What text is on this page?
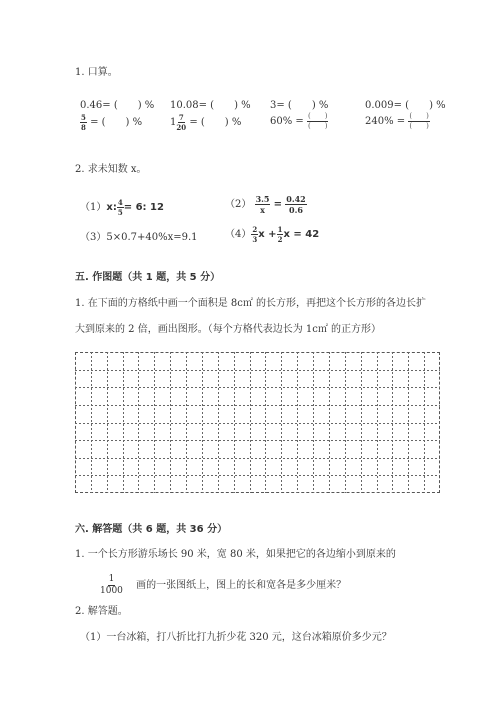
1. 口算。
0.46= (　　) % 10.08= (　　) % 3= (　　) %	0.009= (　　) %
$\frac{5}{8}$ = (　　) %	$1 \frac{7}{20}$ = (　　) %	$60\% = \frac{( )}{( )}$	$240\% = \frac{( )}{( )}$
2. 求未知数 x。
（1）x: $\frac{4}{5} = 6$: 12	$(2) \frac{3.5}{x} = \frac{0.42}{0.6}$
（3）5×0.7+40%x=9.1	$(4) \frac{2}{3}$ $x + \frac{1}{2}$ x = 42
五. 作图题（共 1 题，共 5 分）
1. 在下面的方格纸中画一个面积是 8c㎡ 的长方形，再把这个长方形的各边长扩
大到原来的 2 倍，画出图形。（每个方格代表边长为 1c㎡ 的正方形）
六. 解答题（共 6 题，共 36 分）
1. 一个长方形游乐场长 90 米，宽 80 米，如果把它的各边缩小到原来的
$\frac{1}{1000}$ 画的一张图纸上，图上的长和宽各是多少厘米？
2. 解答题。
（1）一台冰箱，打八折比打九折少花 320 元，这台冰箱原价多少元？
